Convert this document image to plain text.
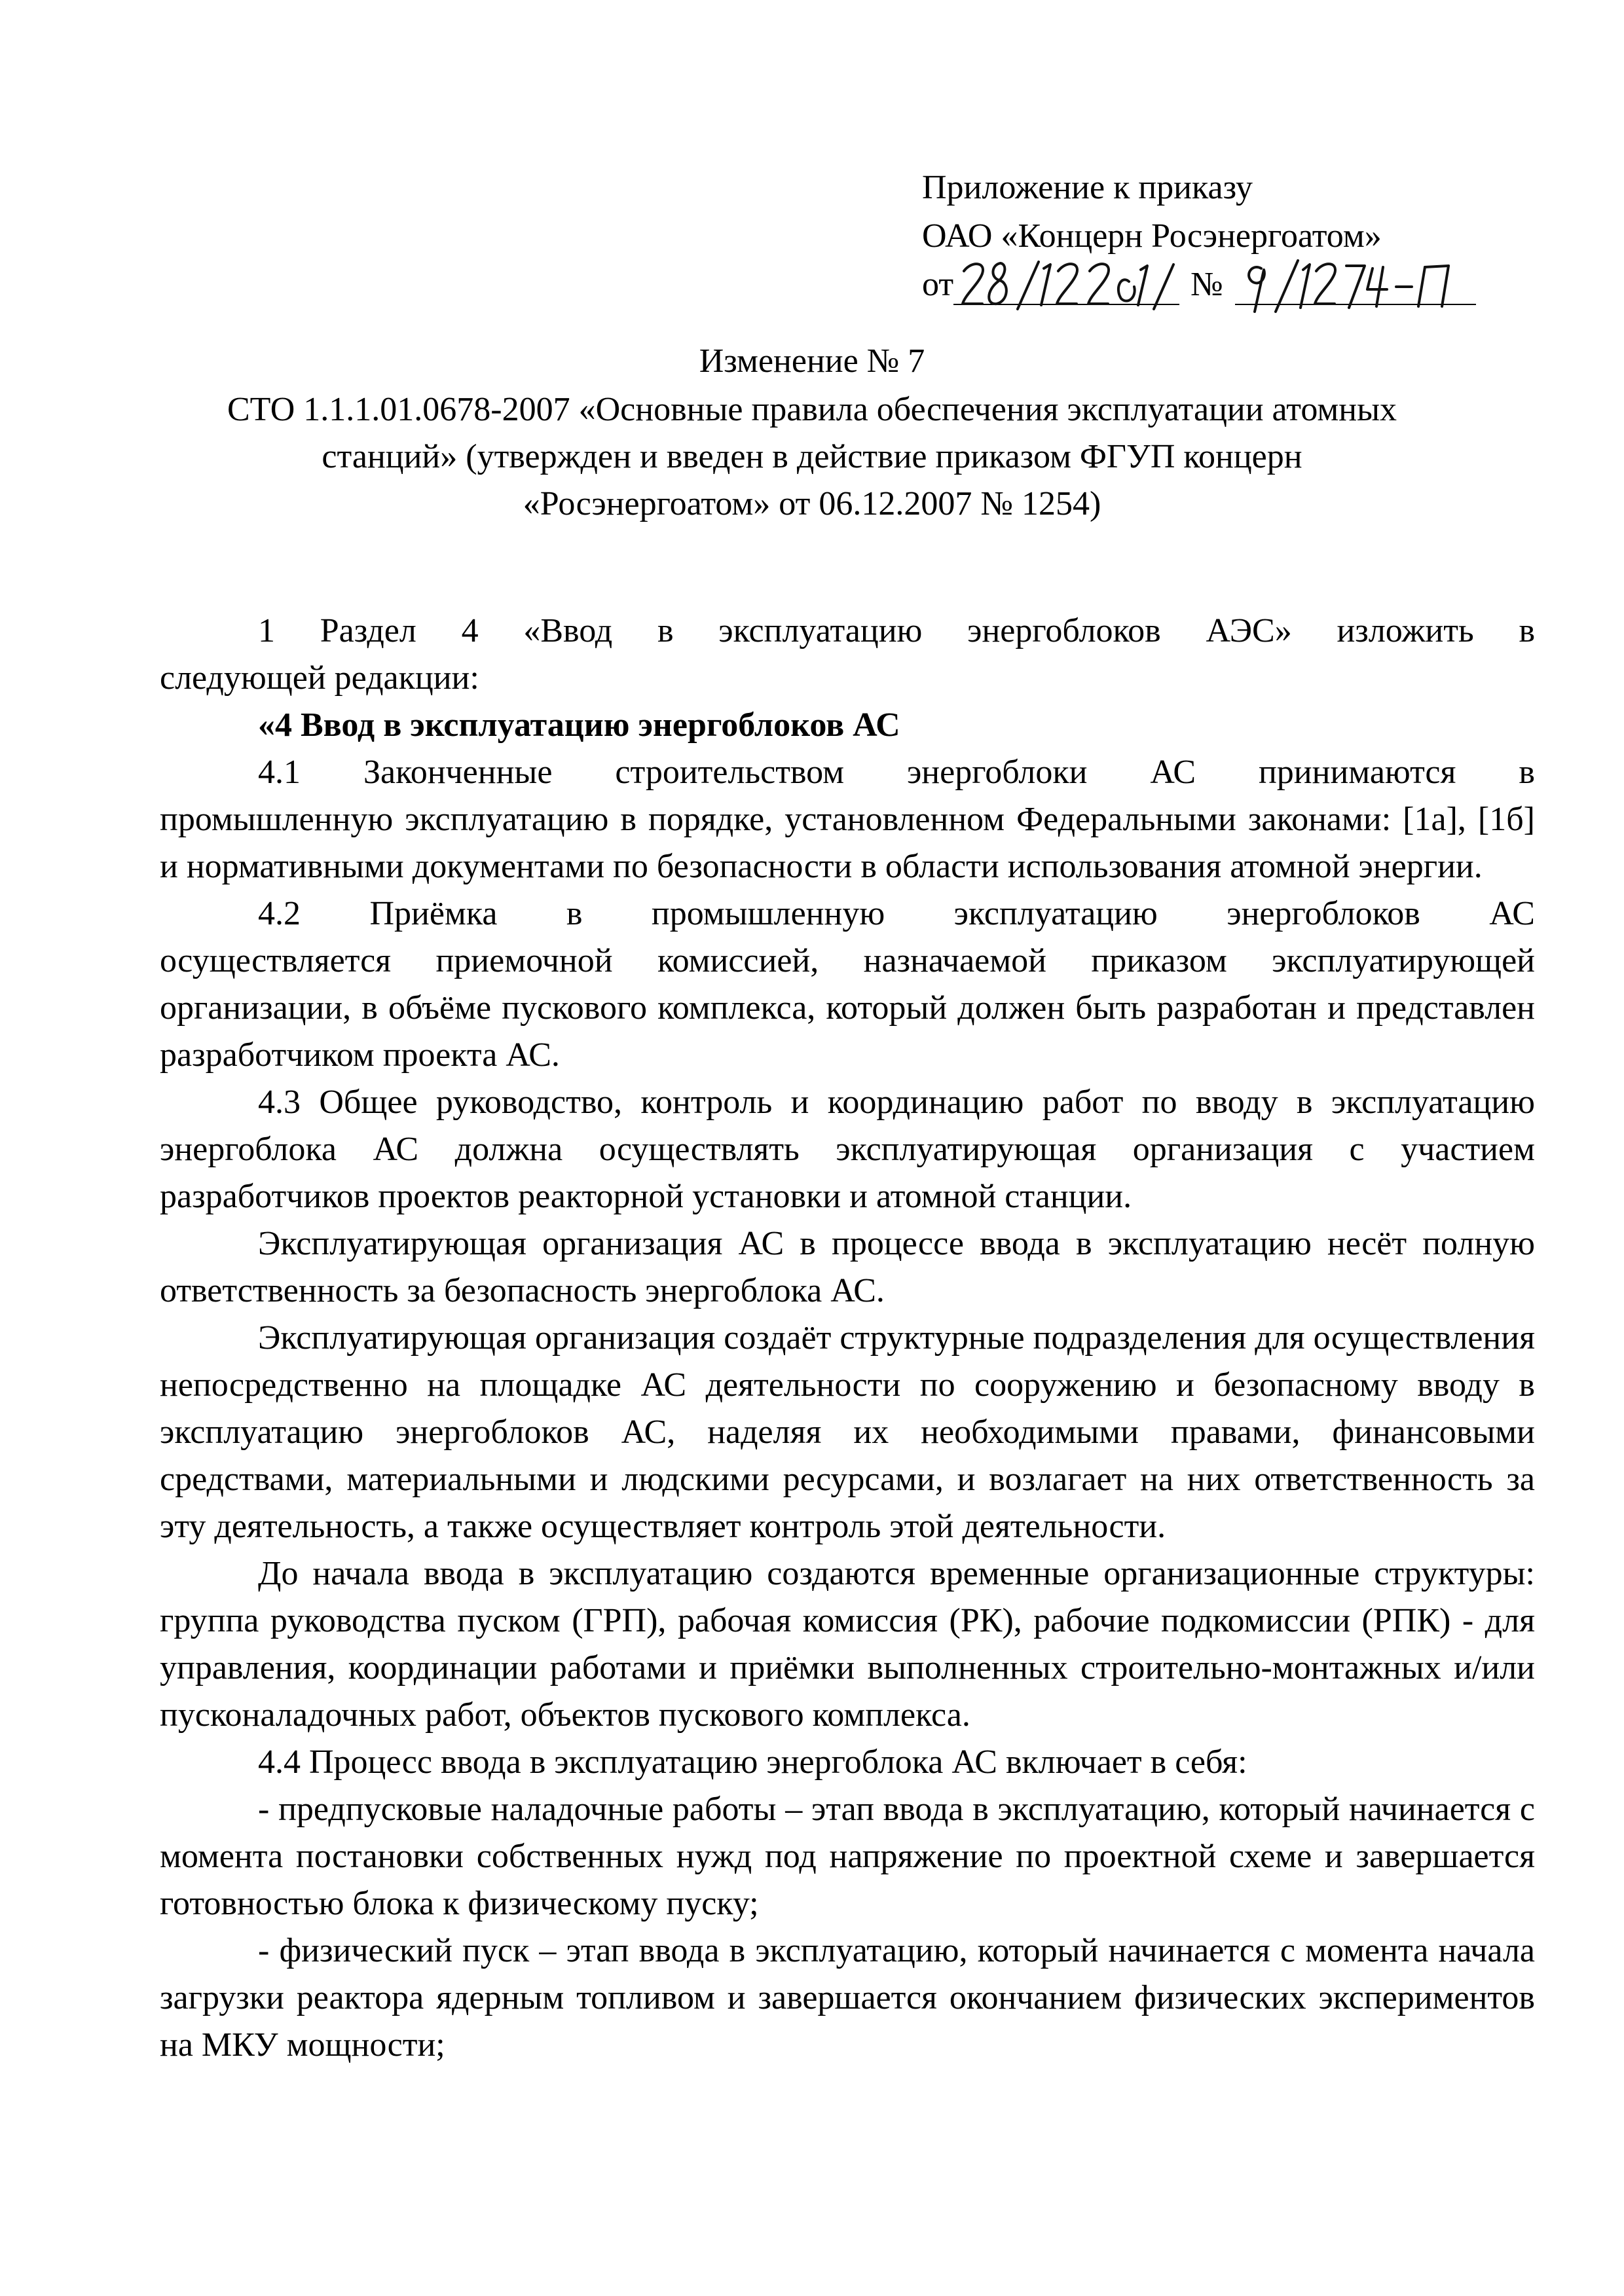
Приложение к приказу
ОАО «Концерн Росэнергоатом»
от	№
Изменение № 7
СТО 1.1.1.01.0678-2007 «Основные правила обеспечения эксплуатации атомных
станций» (утвержден и введен в действие приказом ФГУП концерн
«Росэнергоатом» от 06.12.2007 № 1254)
1 Раздел 4 «Ввод в эксплуатацию энергоблоков АЭС» изложить в

следующей редакции:

«4 Ввод в эксплуатацию энергоблоков АС

4.1 Законченные строительством энергоблоки АС принимаются в

промышленную эксплуатацию в порядке, установленном Федеральными законами: [1а], [1б] и нормативными документами по безопасности в области использования атомной энергии.

4.2 Приёмка в промышленную эксплуатацию энергоблоков АС

осуществляется приемочной комиссией, назначаемой приказом эксплуатирующей организации, в объёме пускового комплекса, который должен быть разработан и представлен разработчиком проекта АС.

4.3 Общее руководство, контроль и координацию работ по вводу в эксплуатацию энергоблока АС должна осуществлять эксплуатирующая организация с участием разработчиков проектов реакторной установки и атомной станции.

Эксплуатирующая организация АС в процессе ввода в эксплуатацию несёт полную ответственность за безопасность энергоблока АС.

Эксплуатирующая организация создаёт структурные подразделения для осуществления непосредственно на площадке АС деятельности по сооружению и безопасному вводу в эксплуатацию энергоблоков АС, наделяя их необходимыми правами, финансовыми средствами, материальными и людскими ресурсами, и возлагает на них ответственность за эту деятельность, а также осуществляет контроль этой деятельности.

До начала ввода в эксплуатацию создаются временные организационные структуры: группа руководства пуском (ГРП), рабочая комиссия (РК), рабочие подкомиссии (РПК) - для управления, координации работами и приёмки выполненных строительно-монтажных и/или пусконаладочных работ, объектов пускового комплекса.

4.4 Процесс ввода в эксплуатацию энергоблока АС включает в себя:

- предпусковые наладочные работы – этап ввода в эксплуатацию, который начинается с момента постановки собственных нужд под напряжение по проектной схеме и завершается готовностью блока к физическому пуску;

- физический пуск – этап ввода в эксплуатацию, который начинается с момента начала загрузки реактора ядерным топливом и завершается окончанием физических экспериментов на МКУ мощности;
